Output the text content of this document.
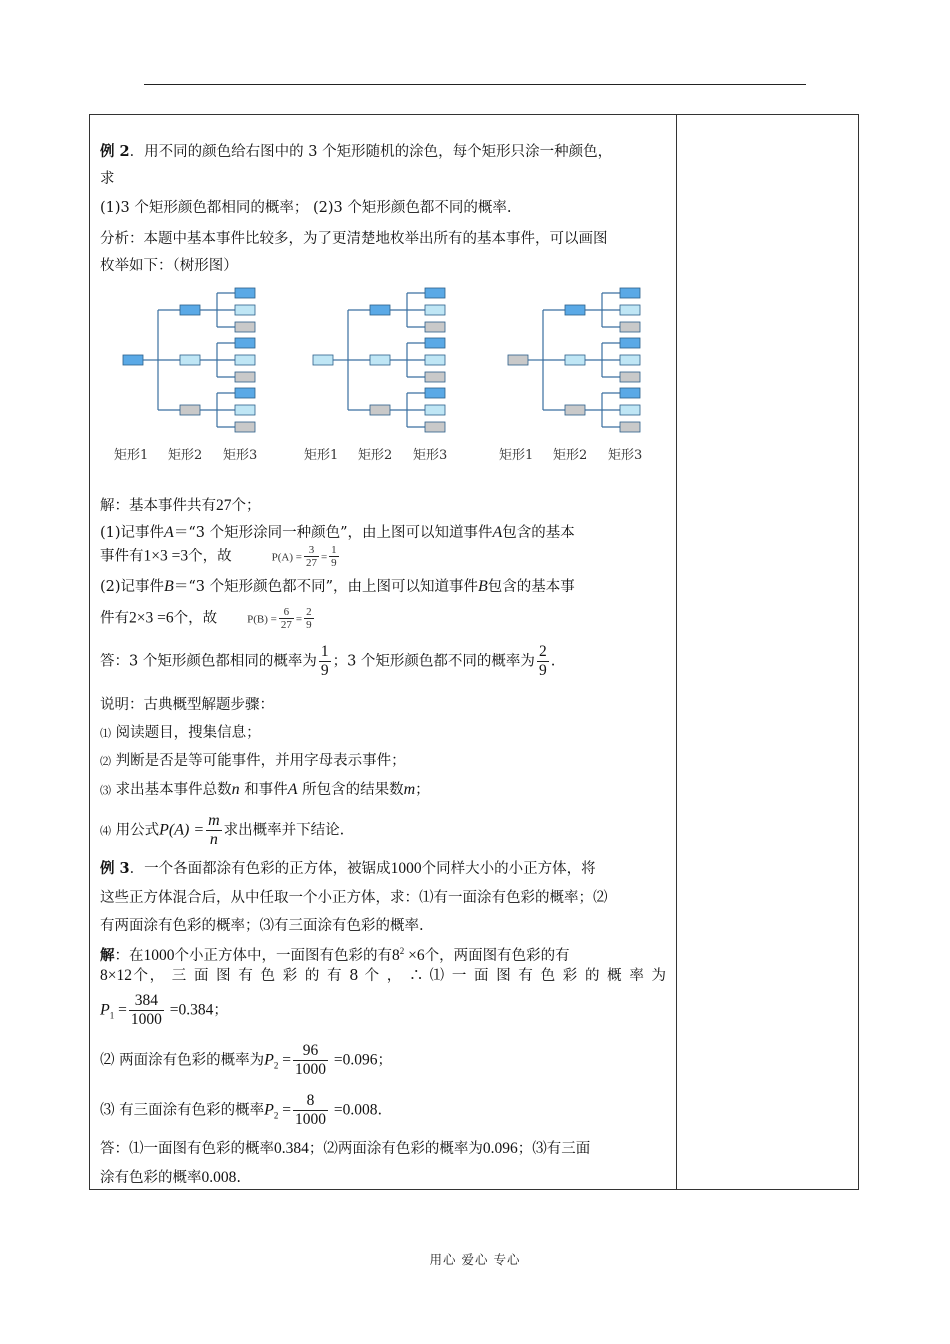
例 2．用不同的颜色给右图中的 3 个矩形随机的涂色，每个矩形只涂一种颜色，
求
(1)3 个矩形颜色都相同的概率； (2)3 个矩形颜色都不同的概率.
分析：本题中基本事件比较多，为了更清楚地枚举出所有的基本事件，可以画图
枚举如下：（树形图）
解：基本事件共有27个；
(1)记事件A＝“3 个矩形涂同一种颜色”，由上图可以知道事件A包含的基本
事件有1×3 =3个，故	$P(A) = \frac{3}{27} = \frac{1}{9}$
(2)记事件B＝“3 个矩形颜色都不同”，由上图可以知道事件B包含的基本事
件有2×3 =6个，故	$P(B) = \frac{6}{27} = \frac{2}{9}$
答：3 个矩形颜色都相同的概率为 $\frac{1}{9}$ ；3 个矩形颜色都不同的概率为 $\frac{2}{9}$ .
说明：古典概型解题步骤：
⑴ 阅读题目，搜集信息；
⑵ 判断是否是等可能事件，并用字母表示事件；
⑶ 求出基本事件总数n 和事件A 所包含的结果数m；
⑷ 用公式$P(A) = \frac{m}{n}$ 求出概率并下结论.
例 3．一个各面都涂有色彩的正方体，被锯成1000个同样大小的小正方体，将
这些正方体混合后，从中任取一个小正方体，求：⑴有一面涂有色彩的概率；⑵
有两面涂有色彩的概率；⑶有三面涂有色彩的概率.
解：在1000个小正方体中，一面图有色彩的有$8^2 \times 6$个，两面图有色彩的有
8×12个， 三 面 图 有 色 彩 的 有 8 个 ， ∴ ⑴ 一 面 图 有 色 彩 的 概 率 为
$P_1 = \frac{384}{1000} =0.384$；
⑵ 两面涂有色彩的概率为$P_2 = \frac{96}{1000} =0.096$；
⑶ 有三面涂有色彩的概率$P_2 = \frac{8}{1000} =0.008$.
答：⑴一面图有色彩的概率0.384；⑵两面涂有色彩的概率为0.096；⑶有三面
涂有色彩的概率0.008.
矩形1 矩形2 矩形3	矩形1 矩形2 矩形3	矩形1 矩形2 矩形3
用心 爱心 专心
